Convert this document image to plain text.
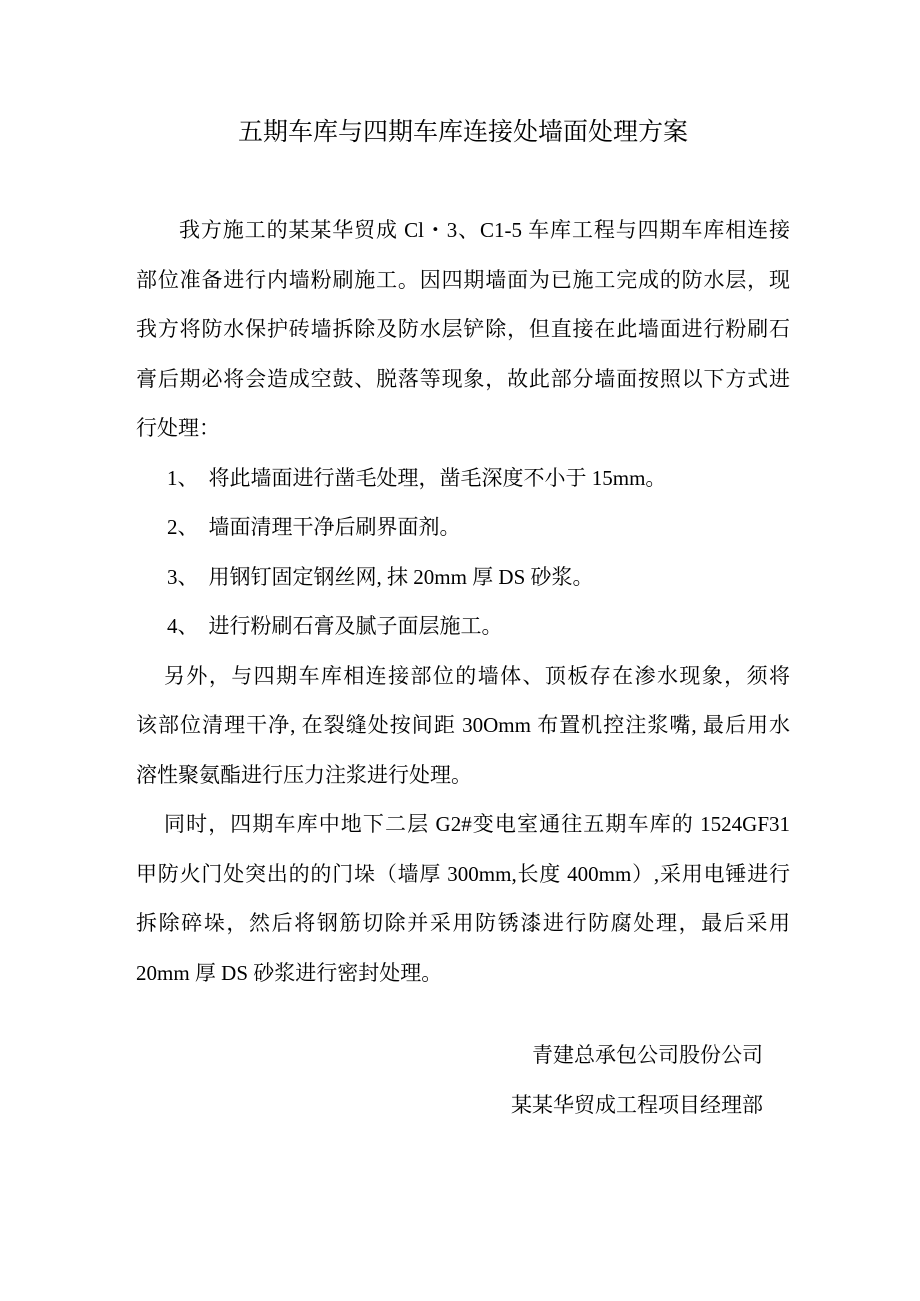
五期车库与四期车库连接处墙面处理方案
我方施工的某某华贸成 Cl・3、C1-5 车库工程与四期车库相连接
部位准备进行内墙粉刷施工。因四期墙面为已施工完成的防水层，现
我方将防水保护砖墙拆除及防水层铲除，但直接在此墙面进行粉刷石
膏后期必将会造成空鼓、脱落等现象，故此部分墙面按照以下方式进
行处理：
1、 将此墙面进行凿毛处理，凿毛深度不小于 15mm。
2、 墙面清理干净后刷界面剂。
3、 用钢钉固定钢丝网, 抹 20mm 厚 DS 砂浆。
4、 进行粉刷石膏及腻子面层施工。
另外，与四期车库相连接部位的墙体、顶板存在渗水现象，须将
该部位清理干净, 在裂缝处按间距 30Omm 布置机控注浆嘴, 最后用水
溶性聚氨酯进行压力注浆进行处理。
同时，四期车库中地下二层 G2#变电室通往五期车库的 1524GF31
甲防火门处突出的的门垛（墙厚 300mm,长度 400mm）,采用电锤进行
拆除碎垛，然后将钢筋切除并采用防锈漆进行防腐处理，最后采用
20mm 厚 DS 砂浆进行密封处理。
青建总承包公司股份公司
某某华贸成工程项目经理部
